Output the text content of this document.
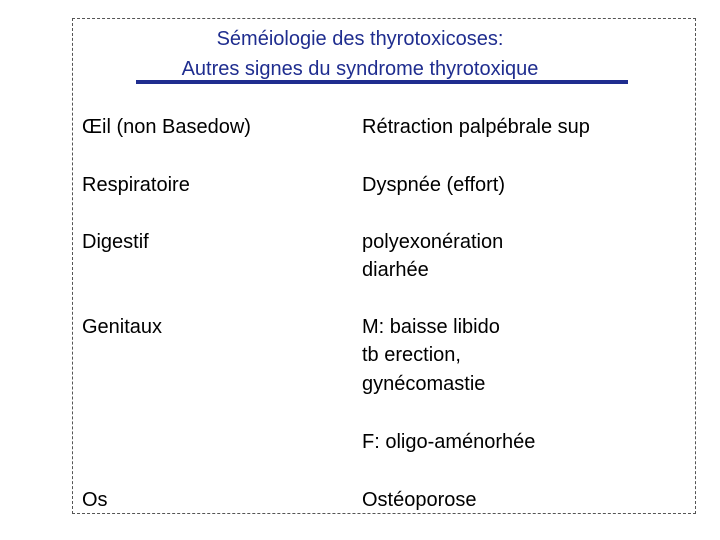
Séméiologie des thyrotoxicoses:
Autres signes du syndrome thyrotoxique
Œil (non Basedow)	Rétraction palpébrale sup
Respiratoire	Dyspnée (effort)
Digestif	polyexonération
diarhée
Genitaux	M: baisse libido
tb erection,
gynécomastie
F: oligo-aménorhée
Os	Ostéoporose
